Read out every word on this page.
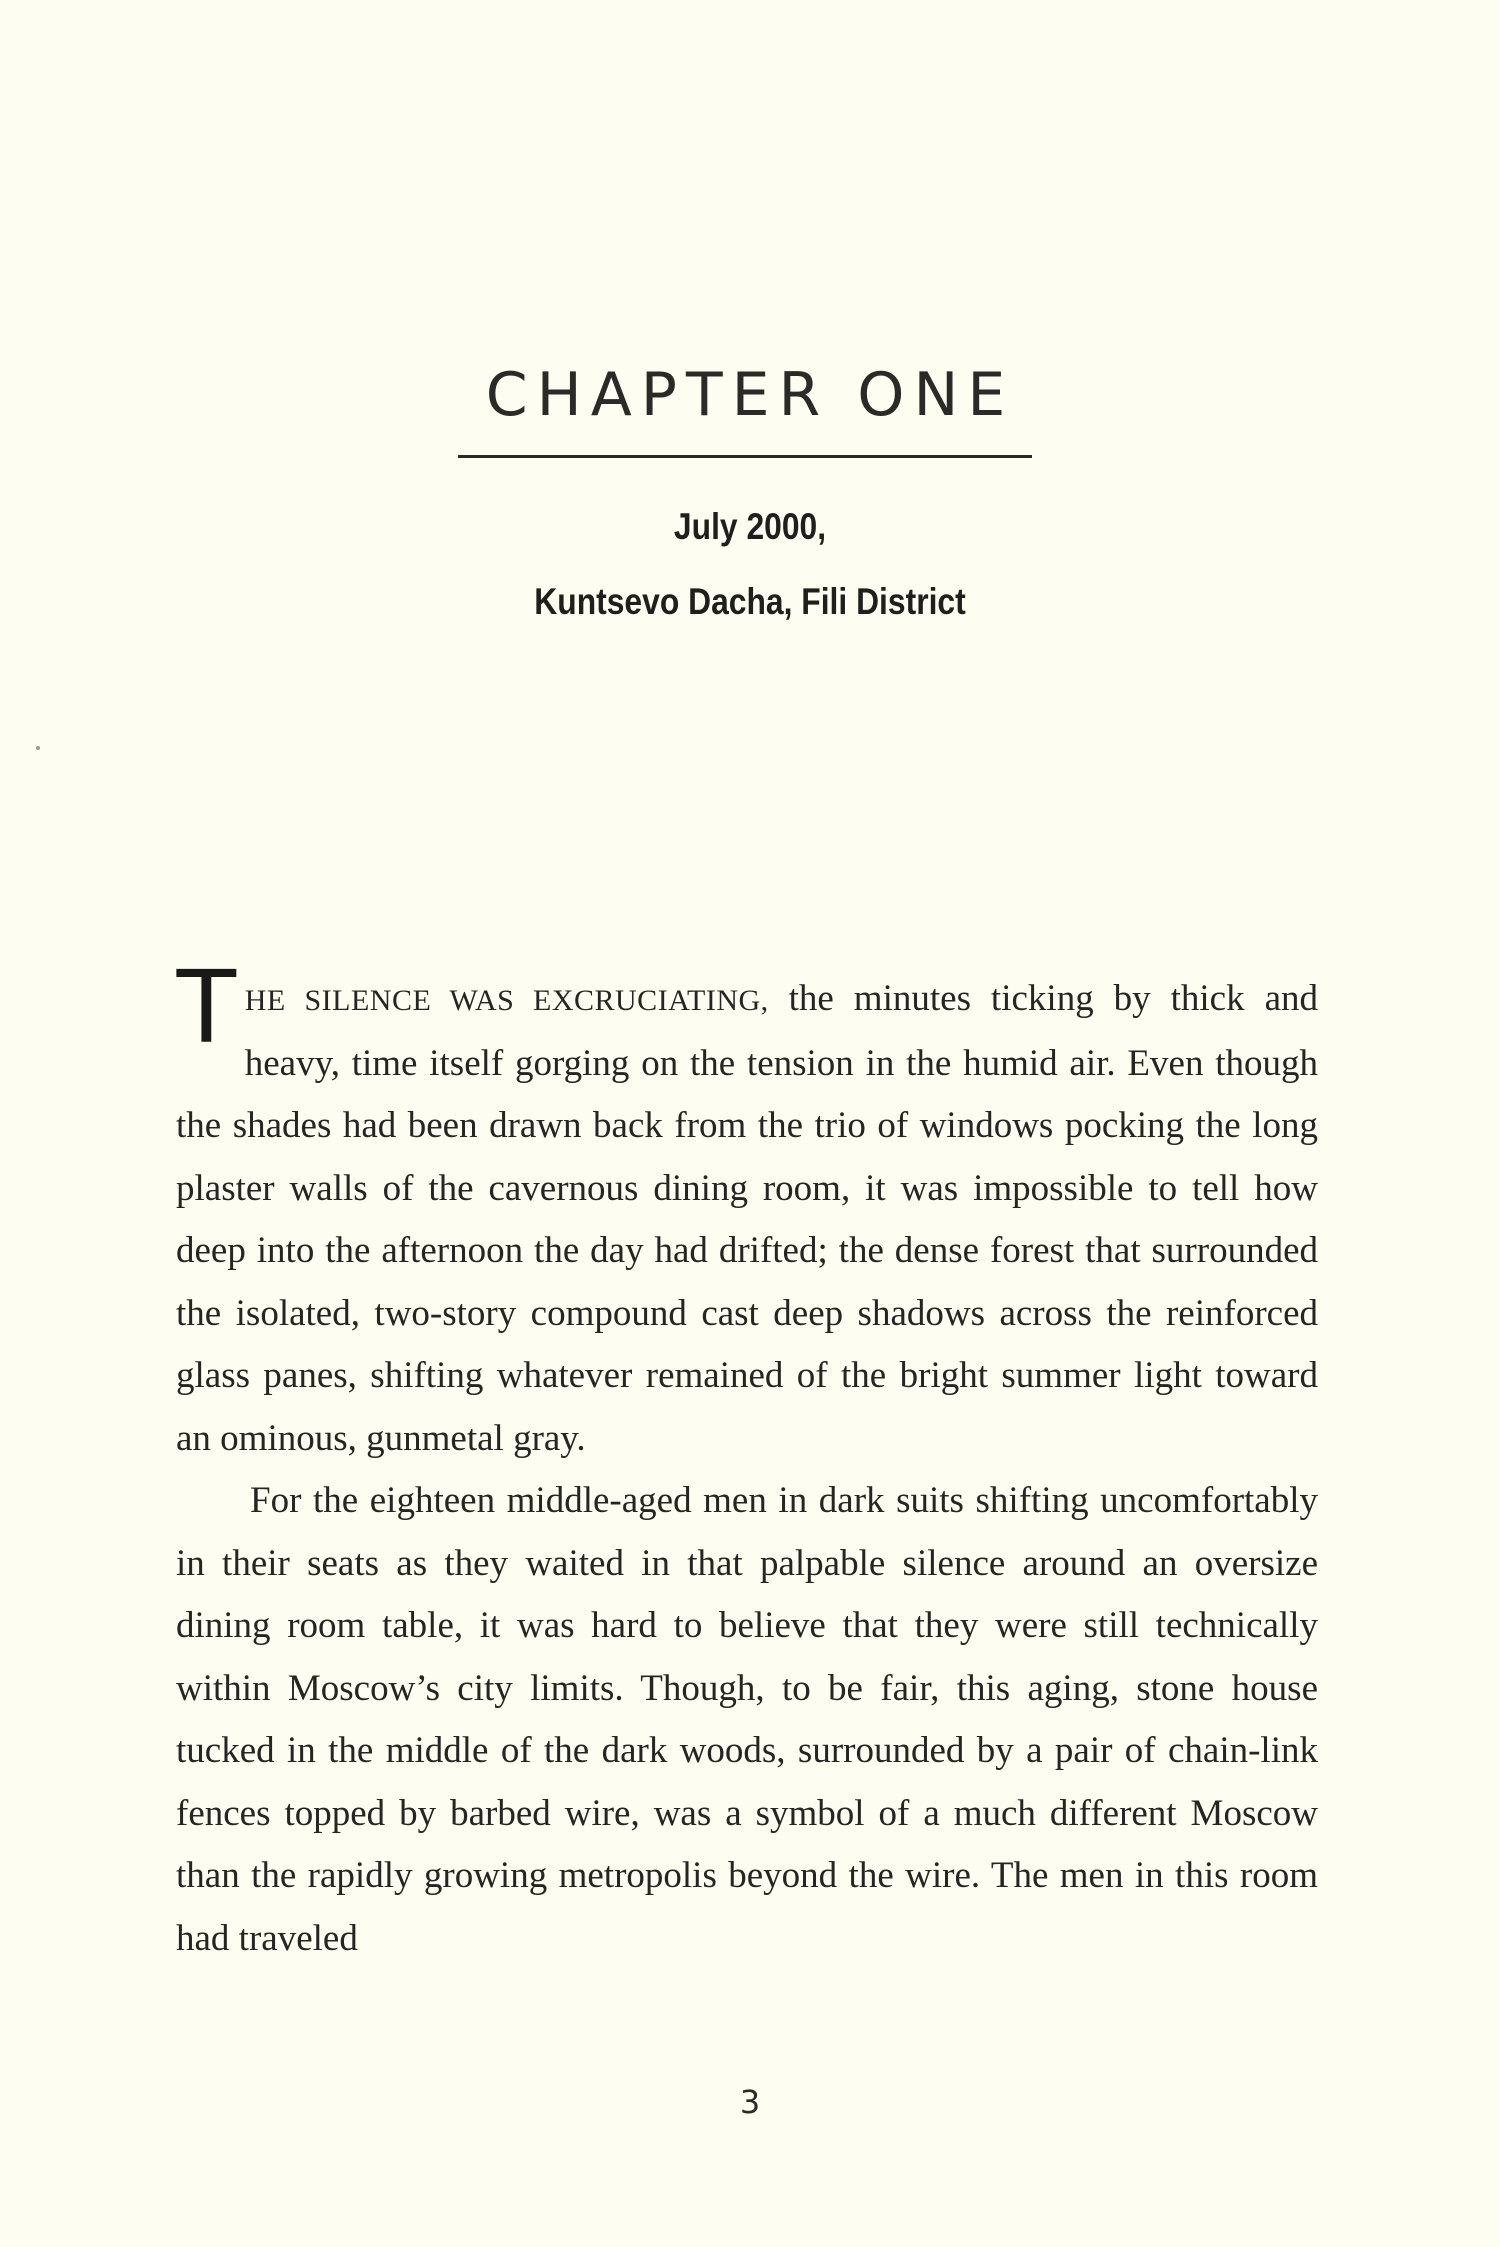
CHAPTER ONE
July 2000,
Kuntsevo Dacha, Fili District

THE SILENCE WAS EXCRUCIATING, the minutes ticking by thick and heavy, time itself gorging on the tension in the humid air. Even though the shades had been drawn back from the trio of windows pocking the long plaster walls of the cavernous dining room, it was impossible to tell how deep into the afternoon the day had drifted; the dense forest that surrounded the isolated, two-story compound cast deep shadows across the reinforced glass panes, shifting whatever remained of the bright summer light toward an ominous, gunmetal gray.

For the eighteen middle-aged men in dark suits shifting uncomfortably in their seats as they waited in that palpable silence around an oversize dining room table, it was hard to believe that they were still technically within Moscow’s city limits. Though, to be fair, this aging, stone house tucked in the middle of the dark woods, surrounded by a pair of chain-link fences topped by barbed wire, was a symbol of a much different Moscow than the rapidly growing metropolis beyond the wire. The men in this room had traveled

3
